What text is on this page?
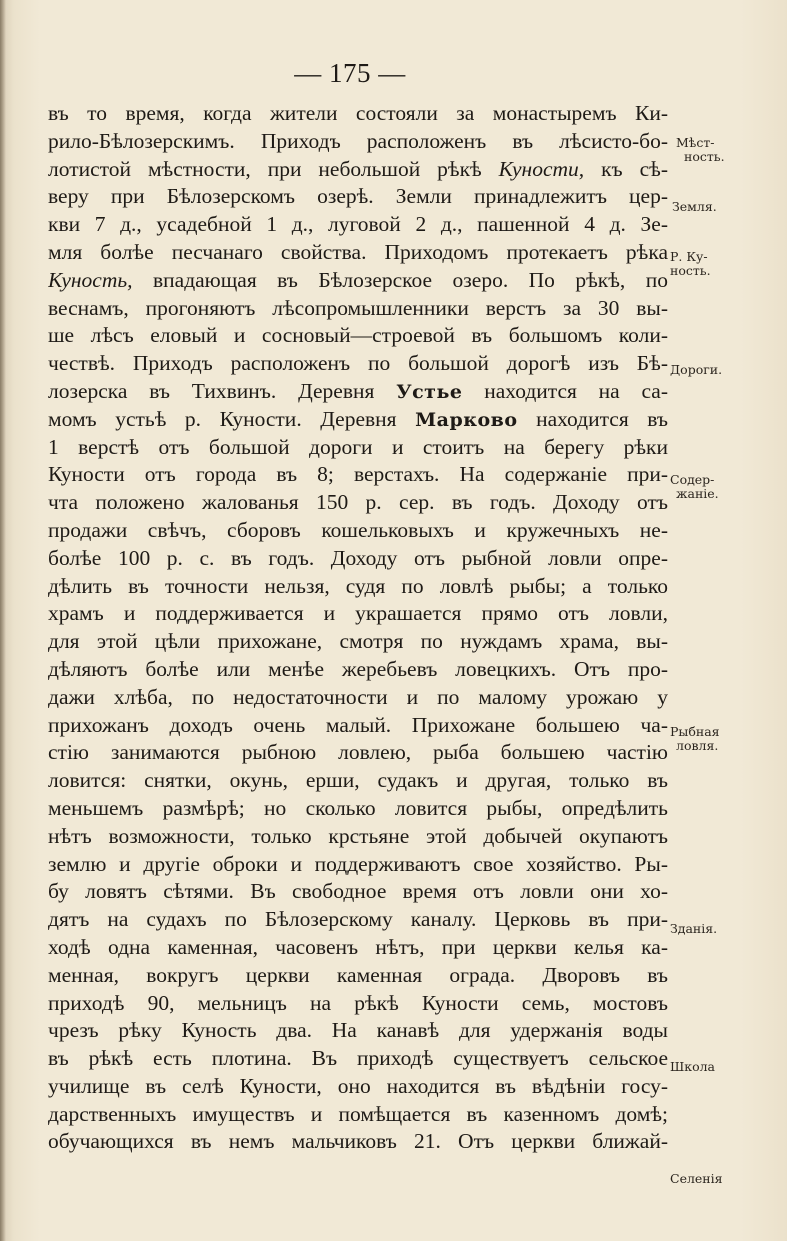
— 175 —
въ то время, когда жители состояли за монастыремъ Ки-
рило-Бѣлозерскимъ. Приходъ расположенъ въ лѣсисто-бо-
лотистой мѣстности, при небольшой рѣкѣ Куности, къ сѣ-
веру при Бѣлозерскомъ озерѣ. Земли принадлежитъ цер-
кви 7 д., усадебной 1 д., луговой 2 д., пашенной 4 д. Зе-
мля болѣе песчанаго свойства. Приходомъ протекаетъ рѣка
Куность, впадающая въ Бѣлозерское озеро. По рѣкѣ, по
веснамъ, прогоняютъ лѣсопромышленники верстъ за 30 вы-
ше лѣсъ еловый и сосновый—строевой въ большомъ коли-
чествѣ. Приходъ расположенъ по большой дорогѣ изъ Бѣ-
лозерска въ Тихвинъ. Деревня Устье находится на са-
момъ устьѣ р. Куности. Деревня Марково находится въ
1 верстѣ отъ большой дороги и стоитъ на берегу рѣки
Куности отъ города въ 8; верстахъ. На содержаніе при-
чта положено жалованья 150 р. сер. въ годъ. Доходу отъ
продажи свѣчъ, сборовъ кошельковыхъ и кружечныхъ не-
болѣе 100 р. с. въ годъ. Доходу отъ рыбной ловли опре-
дѣлить въ точности нельзя, судя по ловлѣ рыбы; а только
храмъ и поддерживается и украшается прямо отъ ловли,
для этой цѣли прихожане, смотря по нуждамъ храма, вы-
дѣляютъ болѣе или менѣе жеребьевъ ловецкихъ. Отъ про-
дажи хлѣба, по недостаточности и по малому урожаю у
прихожанъ доходъ очень малый. Прихожане большею ча-
стію занимаются рыбною ловлею, рыба большею частію
ловится: снятки, окунь, ерши, судакъ и другая, только въ
меньшемъ размѣрѣ; но сколько ловится рыбы, опредѣлить
нѣтъ возможности, только крстьяне этой добычей окупаютъ
землю и другіе оброки и поддерживаютъ свое хозяйство. Ры-
бу ловятъ сѣтями. Въ свободное время отъ ловли они хо-
дятъ на судахъ по Бѣлозерскому каналу. Церковь въ при-
ходѣ одна каменная, часовенъ нѣтъ, при церкви келья ка-
менная, вокругъ церкви каменная ограда. Дворовъ въ
приходѣ 90, мельницъ на рѣкѣ Куности семь, мостовъ
чрезъ рѣку Куность два. На канавѣ для удержанія воды
въ рѣкѣ есть плотина. Въ приходѣ существуетъ сельское
училище въ селѣ Куности, оно находится въ вѣдѣніи госу-
дарственныхъ имуществъ и помѣщается въ казенномъ домѣ;
обучающихся въ немъ мальчиковъ 21. Отъ церкви ближай-
Мѣст-
ность.
Земля.
Р. Ку-
ность.
Дороги.
Содер-
жаніе.
Рыбная
ловля.
Зданія.
Школа
Селенія
